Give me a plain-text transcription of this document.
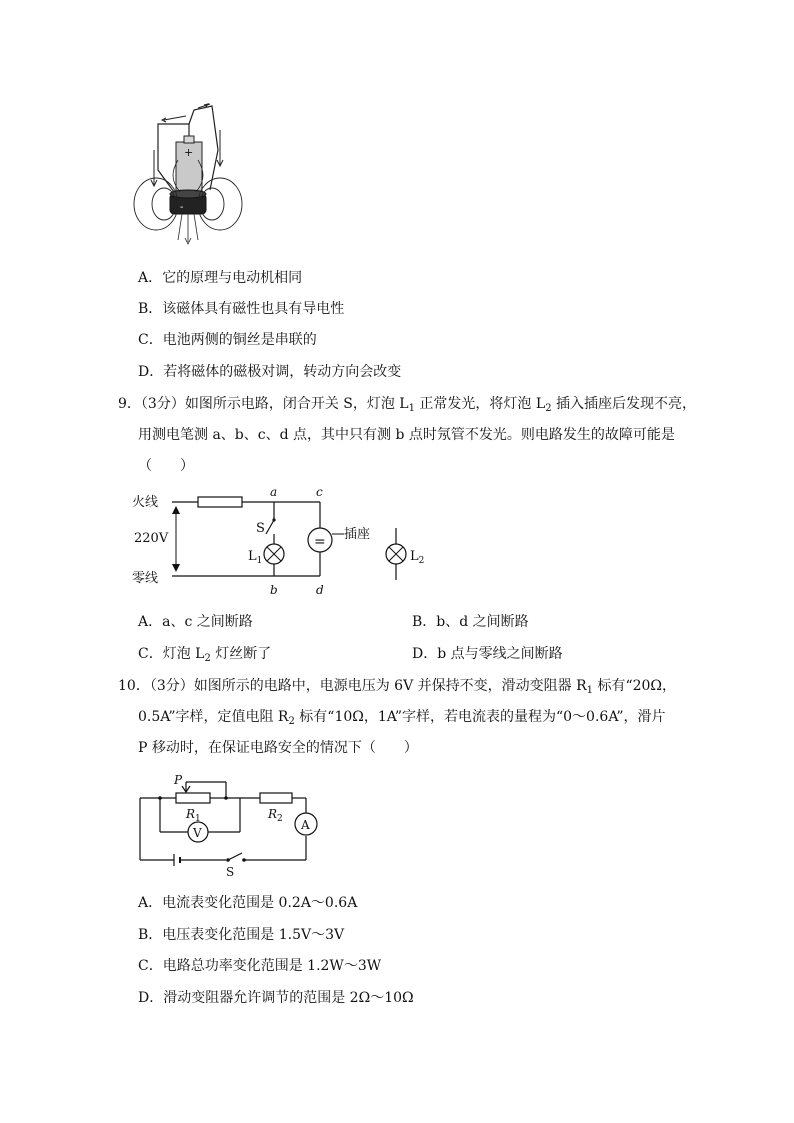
+
-
A．它的原理与电动机相同
B．该磁体具有磁性也具有导电性
C．电池两侧的铜丝是串联的
D．若将磁体的磁极对调，转动方向会改变
9．（3分）如图所示电路，闭合开关 S，灯泡 $L_1$ 正常发光，将灯泡 $L_2$ 插入插座后发现不亮，
用测电笔测 a、b、c、d 点，其中只有测 b 点时氖管不发光。则电路发生的故障可能是
（　　）
=
火线
零线
220V
S
$L_1$
插座
$L_2$
a	c
b	d
A．a、c 之间断路	B．b、d 之间断路
C．灯泡 $L_2$ 灯丝断了	D．b 点与零线之间断路
10．（3分）如图所示的电路中，电源电压为 6V 并保持不变，滑动变阻器 $R_1$ 标有“20Ω，
0.5A”字样，定值电阻 $R_2$ 标有“10Ω，1A”字样，若电流表的量程为“0～0.6A”，滑片
P 移动时，在保证电路安全的情况下（　　）
A
V
P
$R_1$	$R_2$
S
A．电流表变化范围是 0.2A～0.6A
B．电压表变化范围是 1.5V～3V
C．电路总功率变化范围是 1.2W～3W
D．滑动变阻器允许调节的范围是 2Ω～10Ω
